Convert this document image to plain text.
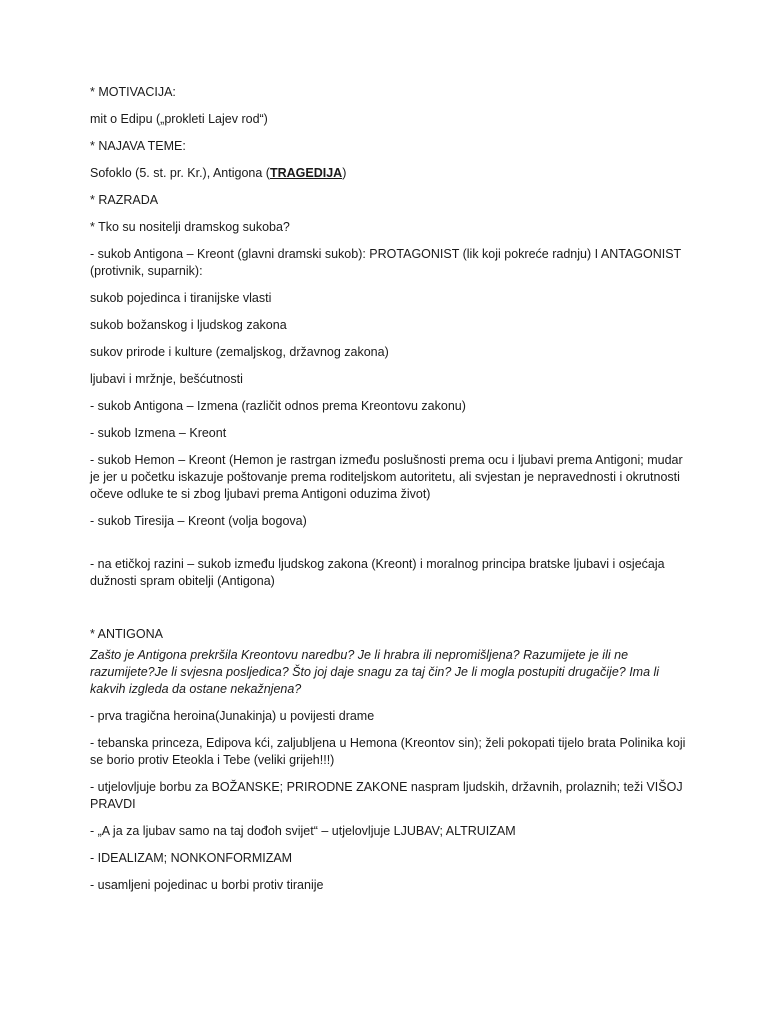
* MOTIVACIJA:

mit o Edipu („prokleti Lajev rod“)

* NAJAVA TEME:

Sofoklo (5. st. pr. Kr.), Antigona (TRAGEDIJA)

* RAZRADA

* Tko su nositelji dramskog sukoba?

- sukob Antigona – Kreont (glavni dramski sukob): PROTAGONIST (lik koji pokreće radnju) I ANTAGONIST (protivnik, suparnik):

sukob pojedinca i tiranijske vlasti

sukob božanskog i ljudskog zakona

sukov prirode i kulture (zemaljskog, državnog zakona)

ljubavi i mržnje, bešćutnosti

- sukob Antigona – Izmena (različit odnos prema Kreontovu zakonu)

- sukob Izmena – Kreont

- sukob Hemon – Kreont (Hemon je rastrgan između poslušnosti prema ocu i ljubavi prema Antigoni; mudar je jer u početku iskazuje poštovanje prema roditeljskom autoritetu, ali svjestan je nepravednosti i okrutnosti očeve odluke te si zbog ljubavi prema Antigoni oduzima život)

- sukob Tiresija – Kreont (volja bogova)

- na etičkoj razini – sukob između ljudskog zakona (Kreont) i moralnog principa bratske ljubavi i osjećaja dužnosti spram obitelji (Antigona)

* ANTIGONA

Zašto je Antigona prekršila Kreontovu naredbu? Je li hrabra ili nepromišljena? Razumijete je ili ne razumijete?Je li svjesna posljedica? Što joj daje snagu za taj čin? Je li mogla postupiti drugačije? Ima li kakvih izgleda da ostane nekažnjena?

- prva tragična heroina(Junakinja) u povijesti drame

- tebanska princeza, Edipova kći, zaljubljena u Hemona (Kreontov sin); želi pokopati tijelo brata Polinika koji se borio protiv Eteokla i Tebe (veliki grijeh!!!)

- utjelovljuje borbu za BOŽANSKE; PRIRODNE ZAKONE naspram ljudskih, državnih, prolaznih; teži VIŠOJ PRAVDI

- „A ja za ljubav samo na taj dođoh svijet“ – utjelovljuje LJUBAV; ALTRUIZAM

- IDEALIZAM; NONKONFORMIZAM

- usamljeni pojedinac u borbi protiv tiranije
